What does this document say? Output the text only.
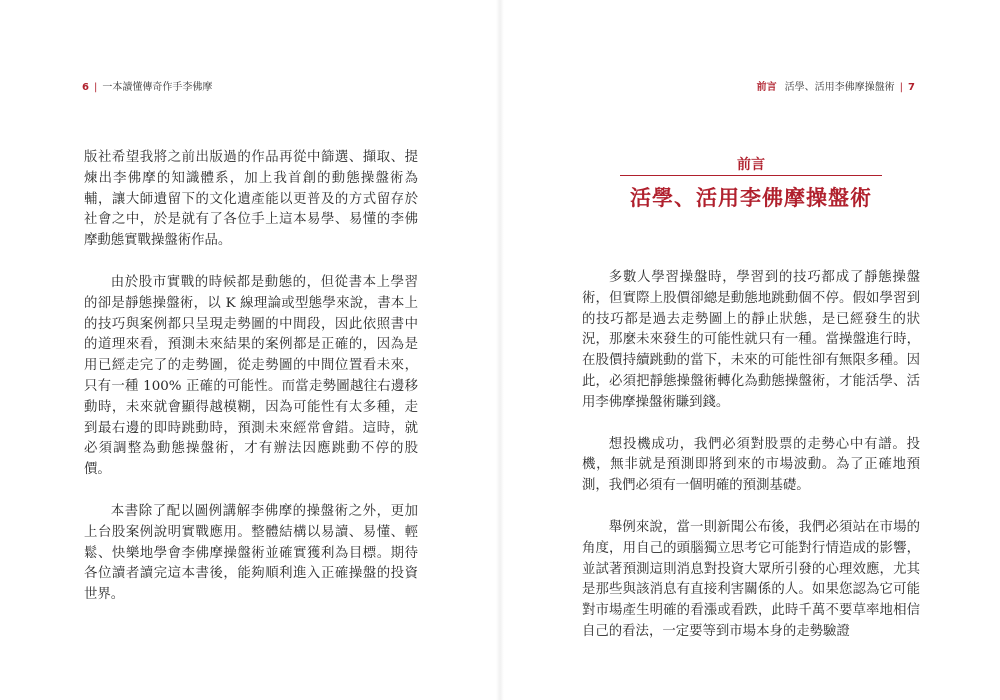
6 | 一本讀懂傳奇作手李佛摩

版社希望我將之前出版過的作品再從中篩選、擷取、提煉出李佛摩的知識體系，加上我首創的動態操盤術為輔，讓大師遺留下的文化遺產能以更普及的方式留存於社會之中，於是就有了各位手上這本易學、易懂的李佛摩動態實戰操盤術作品。

由於股市實戰的時候都是動態的，但從書本上學習的卻是靜態操盤術，以 K 線理論或型態學來說，書本上的技巧與案例都只呈現走勢圖的中間段，因此依照書中的道理來看，預測未來結果的案例都是正確的，因為是用已經走完了的走勢圖，從走勢圖的中間位置看未來，只有一種 100% 正確的可能性。而當走勢圖越往右邊移動時，未來就會顯得越模糊，因為可能性有太多種，走到最右邊的即時跳動時，預測未來經常會錯。這時，就必須調整為動態操盤術，才有辦法因應跳動不停的股價。

本書除了配以圖例講解李佛摩的操盤術之外，更加上台股案例說明實戰應用。整體結構以易讀、易懂、輕鬆、快樂地學會李佛摩操盤術並確實獲利為目標。期待各位讀者讀完這本書後，能夠順利進入正確操盤的投資世界。

前言 活學、活用李佛摩操盤術 | 7
前言
活學、活用李佛摩操盤術

多數人學習操盤時，學習到的技巧都成了靜態操盤術，但實際上股價卻總是動態地跳動個不停。假如學習到的技巧都是過去走勢圖上的靜止狀態，是已經發生的狀況，那麼未來發生的可能性就只有一種。當操盤進行時，在股價持續跳動的當下，未來的可能性卻有無限多種。因此，必須把靜態操盤術轉化為動態操盤術，才能活學、活用李佛摩操盤術賺到錢。

想投機成功，我們必須對股票的走勢心中有譜。投機，無非就是預測即將到來的市場波動。為了正確地預測，我們必須有一個明確的預測基礎。

舉例來說，當一則新聞公布後，我們必須站在市場的角度，用自己的頭腦獨立思考它可能對行情造成的影響，並試著預測這則消息對投資大眾所引發的心理效應，尤其是那些與該消息有直接利害關係的人。如果您認為它可能對市場產生明確的看漲或看跌，此時千萬不要草率地相信自己的看法，一定要等到市場本身的走勢驗證
